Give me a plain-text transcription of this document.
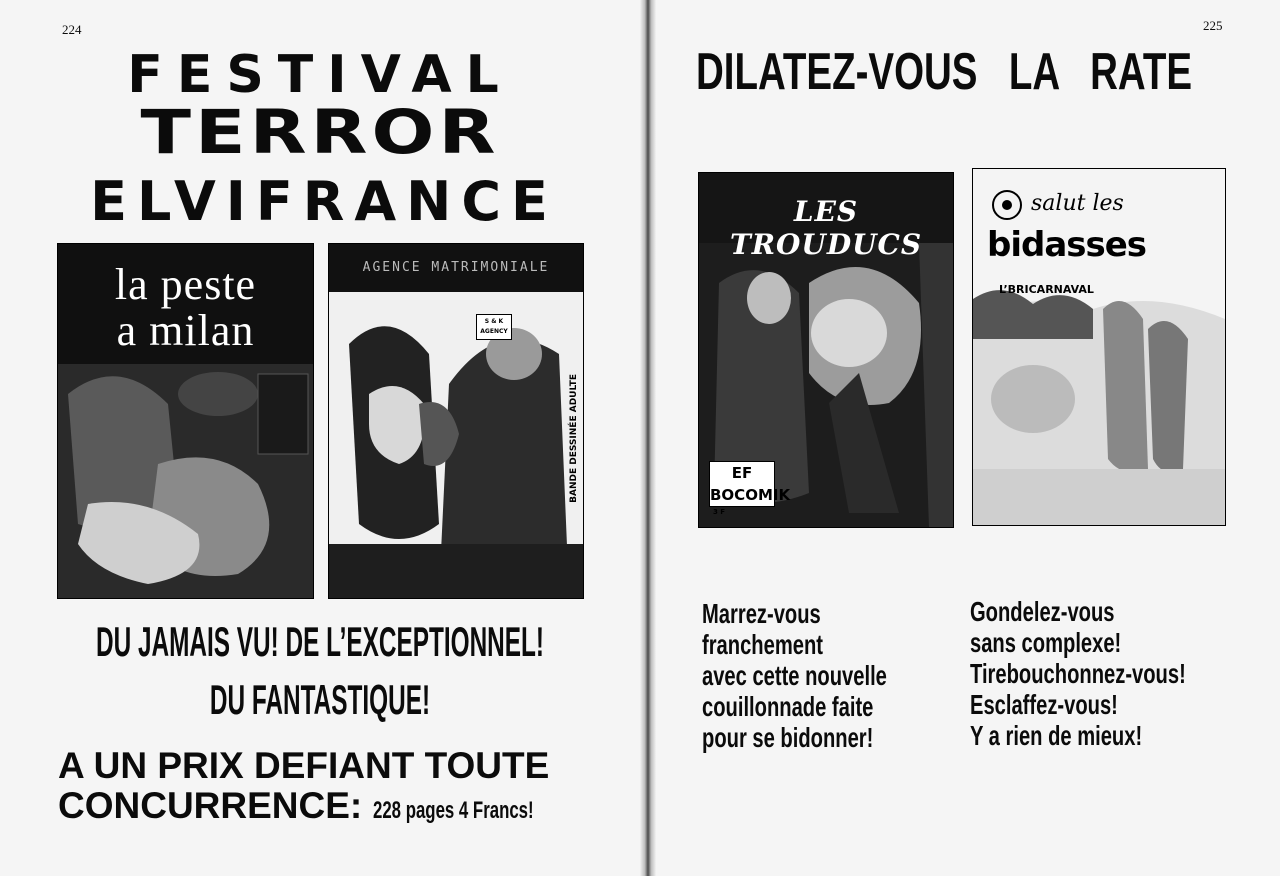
224
FESTIVAL
TERROR
ELVIFRANCE
la peste
a milan
AGENCE MATRIMONIALE
S & K AGENCY
BANDE DESSINÉE ADULTE
DU JAMAIS VU! DE L’EXCEPTIONNEL!
DU FANTASTIQUE!
A UN PRIX DEFIANT TOUTE
CONCURRENCE: 228 pages 4 Francs!
225
DILATEZ-VOUS LA RATE
LES TROUDUCS
EF BOCOMIK
3 F
salut les
bidasses
L’BRICARNAVAL
Marrez-vous
franchement
avec cette nouvelle
couillonnade faite
pour se bidonner!
Gondelez-vous
sans complexe!
Tirebouchonnez-vous!
Esclaffez-vous!
Y a rien de mieux!
